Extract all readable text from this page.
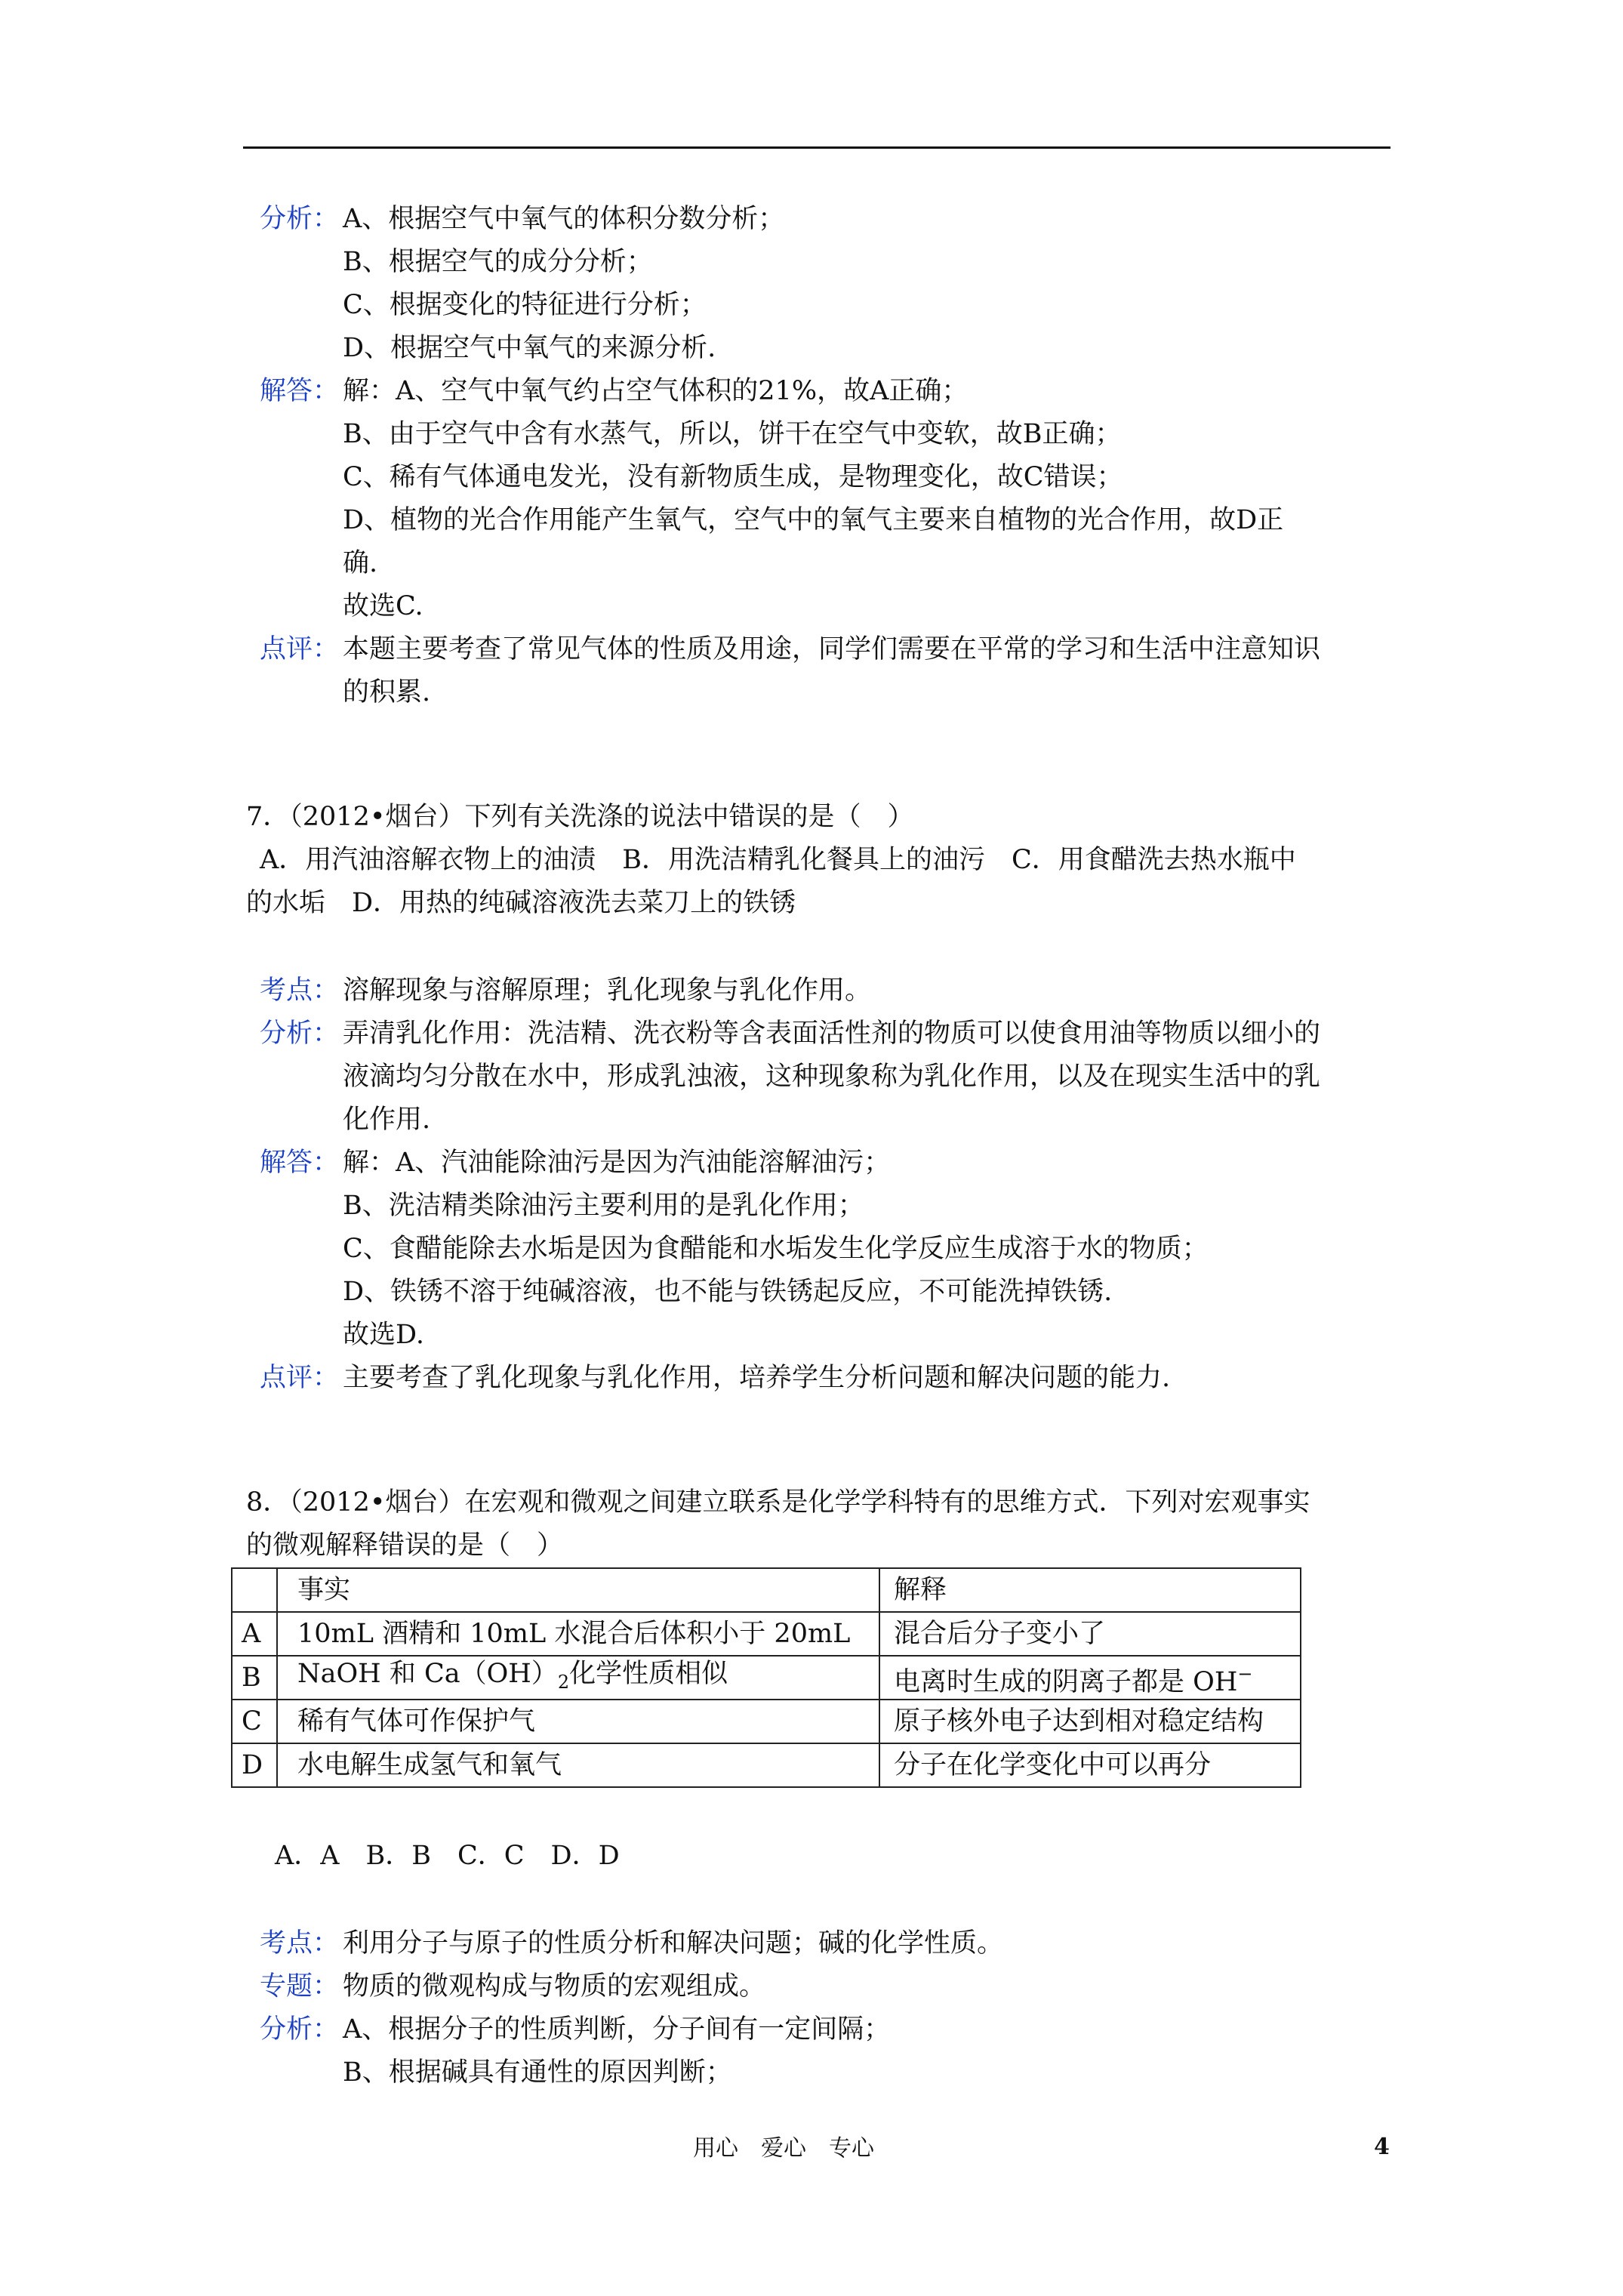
分析： A、根据空气中氧气的体积分数分析；
B、根据空气的成分分析；
C、根据变化的特征进行分析；
D、根据空气中氧气的来源分析.
解答： 解：A、空气中氧气约占空气体积的21%，故A正确；
B、由于空气中含有水蒸气，所以，饼干在空气中变软，故B正确；
C、稀有气体通电发光，没有新物质生成，是物理变化，故C错误；
D、植物的光合作用能产生氧气，空气中的氧气主要来自植物的光合作用，故D正
确.
故选C.
点评： 本题主要考查了常见气体的性质及用途，同学们需要在平常的学习和生活中注意知识
的积累.
7．（2012•烟台）下列有关洗涤的说法中错误的是（　）
A．用汽油溶解衣物上的油渍　B．用洗洁精乳化餐具上的油污　C．用食醋洗去热水瓶中
的水垢　D．用热的纯碱溶液洗去菜刀上的铁锈
考点： 溶解现象与溶解原理；乳化现象与乳化作用。
分析： 弄清乳化作用：洗洁精、洗衣粉等含表面活性剂的物质可以使食用油等物质以细小的
液滴均匀分散在水中，形成乳浊液，这种现象称为乳化作用，以及在现实生活中的乳
化作用.
解答： 解：A、汽油能除油污是因为汽油能溶解油污；
B、洗洁精类除油污主要利用的是乳化作用；
C、食醋能除去水垢是因为食醋能和水垢发生化学反应生成溶于水的物质；
D、铁锈不溶于纯碱溶液，也不能与铁锈起反应，不可能洗掉铁锈.
故选D.
点评： 主要考查了乳化现象与乳化作用，培养学生分析问题和解决问题的能力.
8．（2012•烟台）在宏观和微观之间建立联系是化学学科特有的思维方式．下列对宏观事实
的微观解释错误的是（　）
	事实	解释
A	10mL 酒精和 10mL 水混合后体积小于 20mL	混合后分子变小了
B	NaOH 和 $Ca(OH)_2$化学性质相似	电离时生成的阴离子都是 OH−
C	稀有气体可作保护气	原子核外电子达到相对稳定结构
D	水电解生成氢气和氧气	分子在化学变化中可以再分
A．A　B．B　C．C　D．D
考点： 利用分子与原子的性质分析和解决问题；碱的化学性质。
专题： 物质的微观构成与物质的宏观组成。
分析： A、根据分子的性质判断，分子间有一定间隔；
B、根据碱具有通性的原因判断；
用心　爱心　专心	4
